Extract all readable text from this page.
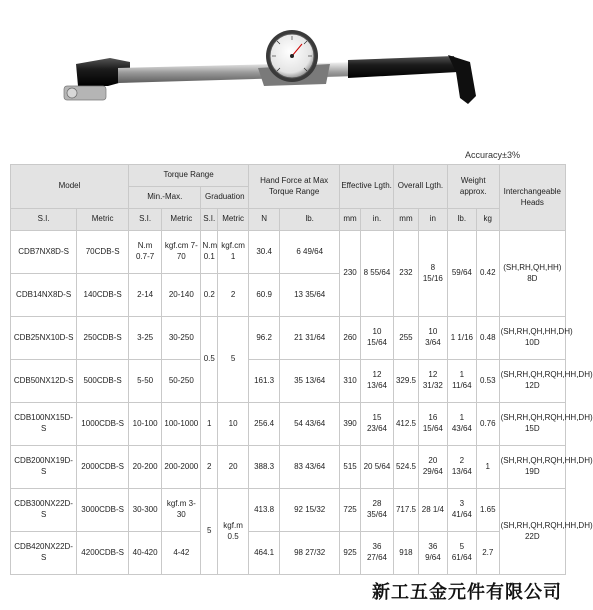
Accuracy±3%
Model		Torque Range				Hand Force at Max Torque Range		Effective Lgth.		Overall Lgth.		Weight approx.		Interchangeable Heads
		Min.-Max.		Graduation										
S.I.	Metric	S.I.	Metric	S.I.	Metric	N	lb.	mm	in.	mm	in	lb.	kg	
CDB7NX8D-S	70CDB-S	N.m 0.7-7	kgf.cm 7-70	N.m 0.1	kgf.cm 1	30.4	6 49/64	230	8 55/64	232	8 15/16	59/64	0.42	(SH,RH,QH,HH) 8D
CDB14NX8D-S	140CDB-S	2-14	20-140	0.2	2	60.9	13 35/64							
CDB25NX10D-S	250CDB-S	3-25	30-250	0.5	5	96.2	21 31/64	260	10 15/64	255	10 3/64	1 1/16	0.48	(SH,RH,QH,HH,DH) 10D
CDB50NX12D-S	500CDB-S	5-50	50-250			161.3	35 13/64	310	12 13/64	329.5	12 31/32	1 11/64	0.53	(SH,RH,QH,RQH,HH,DH) 12D
CDB100NX15D-S	1000CDB-S	10-100	100-1000	1	10	256.4	54 43/64	390	15 23/64	412.5	16 15/64	1 43/64	0.76	(SH,RH,QH,RQH,HH,DH) 15D
CDB200NX19D-S	2000CDB-S	20-200	200-2000	2	20	388.3	83 43/64	515	20 5/64	524.5	20 29/64	2 13/64	1	(SH,RH,QH,RQH,HH,DH) 19D
CDB300NX22D-S	3000CDB-S	30-300	kgf.m 3-30	5	kgf.m 0.5	413.8	92 15/32	725	28 35/64	717.5	28 1/4	3 41/64	1.65	(SH,RH,QH,RQH,HH,DH) 22D
CDB420NX22D-S	4200CDB-S	40-420	4-42			464.1	98 27/32	925	36 27/64	918	36 9/64	5 61/64	2.7	
新工五金元件有限公司
